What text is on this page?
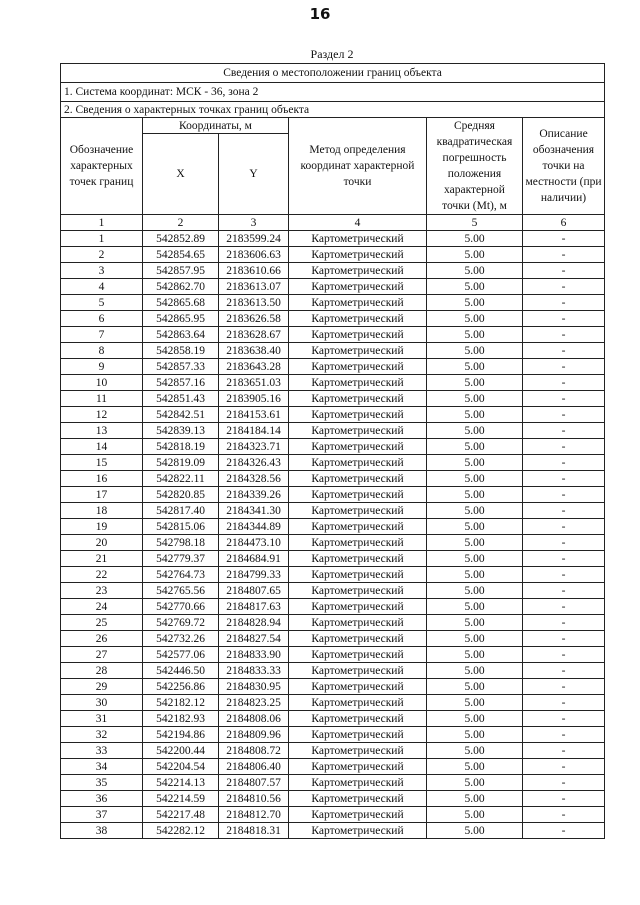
16
Раздел 2
Сведения о местоположении границ объекта					
1. Система координат: МСК - 36, зона 2					
2. Сведения о характерных точках границ объекта					
Обозначение характерных точек границ	Координаты, м		Метод определения координат характерной точки	Средняя квадратическая погрешность положения характерной точки (Mt), м	Описание обозначения точки на местности (при наличии)
	X	Y			
1	2	3	4	5	6
1	542852.89	2183599.24	Картометрический	5.00	-
2	542854.65	2183606.63	Картометрический	5.00	-
3	542857.95	2183610.66	Картометрический	5.00	-
4	542862.70	2183613.07	Картометрический	5.00	-
5	542865.68	2183613.50	Картометрический	5.00	-
6	542865.95	2183626.58	Картометрический	5.00	-
7	542863.64	2183628.67	Картометрический	5.00	-
8	542858.19	2183638.40	Картометрический	5.00	-
9	542857.33	2183643.28	Картометрический	5.00	-
10	542857.16	2183651.03	Картометрический	5.00	-
11	542851.43	2183905.16	Картометрический	5.00	-
12	542842.51	2184153.61	Картометрический	5.00	-
13	542839.13	2184184.14	Картометрический	5.00	-
14	542818.19	2184323.71	Картометрический	5.00	-
15	542819.09	2184326.43	Картометрический	5.00	-
16	542822.11	2184328.56	Картометрический	5.00	-
17	542820.85	2184339.26	Картометрический	5.00	-
18	542817.40	2184341.30	Картометрический	5.00	-
19	542815.06	2184344.89	Картометрический	5.00	-
20	542798.18	2184473.10	Картометрический	5.00	-
21	542779.37	2184684.91	Картометрический	5.00	-
22	542764.73	2184799.33	Картометрический	5.00	-
23	542765.56	2184807.65	Картометрический	5.00	-
24	542770.66	2184817.63	Картометрический	5.00	-
25	542769.72	2184828.94	Картометрический	5.00	-
26	542732.26	2184827.54	Картометрический	5.00	-
27	542577.06	2184833.90	Картометрический	5.00	-
28	542446.50	2184833.33	Картометрический	5.00	-
29	542256.86	2184830.95	Картометрический	5.00	-
30	542182.12	2184823.25	Картометрический	5.00	-
31	542182.93	2184808.06	Картометрический	5.00	-
32	542194.86	2184809.96	Картометрический	5.00	-
33	542200.44	2184808.72	Картометрический	5.00	-
34	542204.54	2184806.40	Картометрический	5.00	-
35	542214.13	2184807.57	Картометрический	5.00	-
36	542214.59	2184810.56	Картометрический	5.00	-
37	542217.48	2184812.70	Картометрический	5.00	-
38	542282.12	2184818.31	Картометрический	5.00	-
